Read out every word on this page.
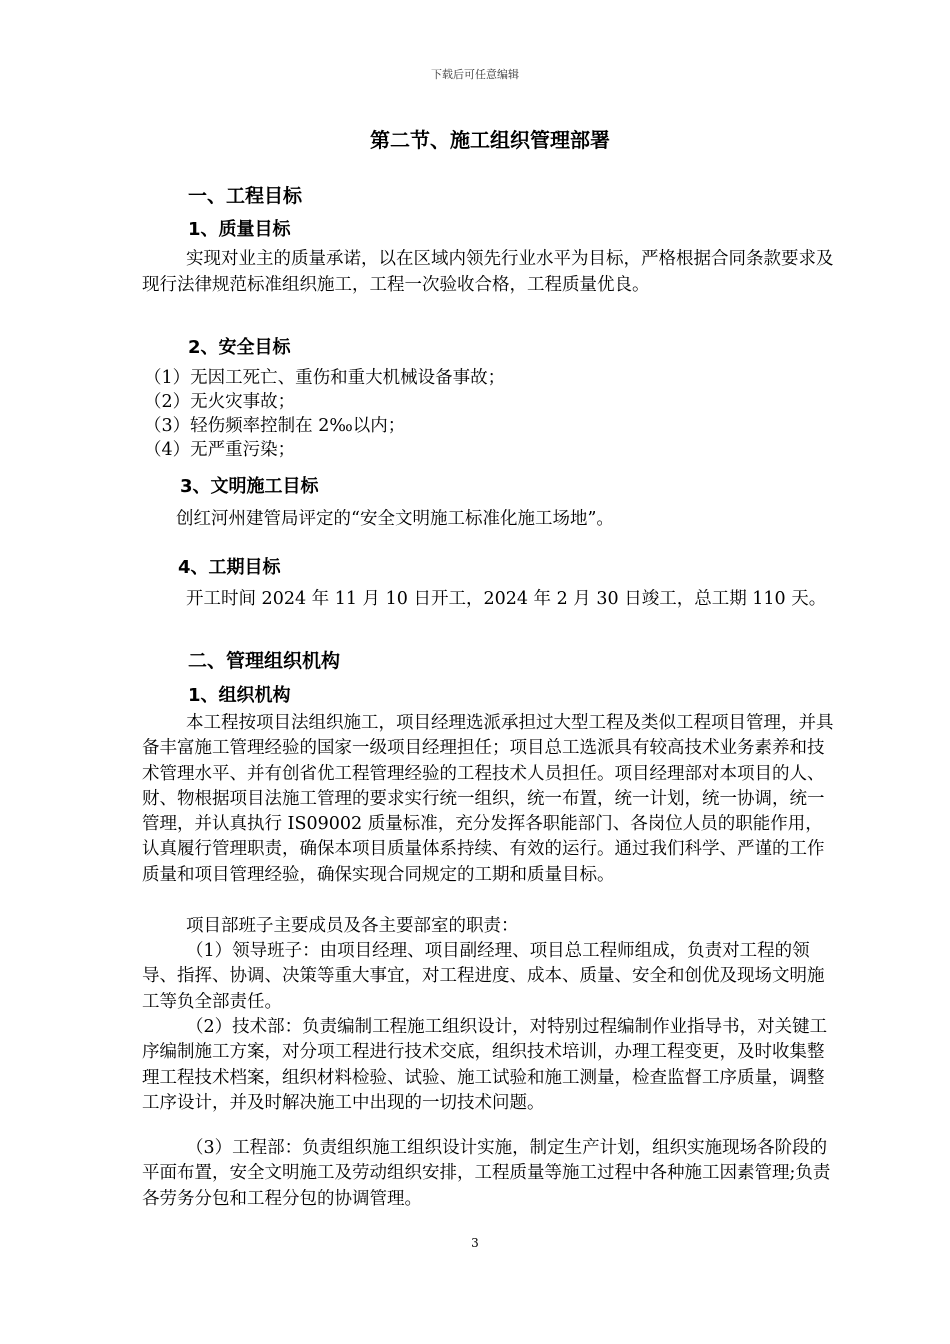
下载后可任意编辑
第二节、施工组织管理部署
一、工程目标
1、质量目标

实现对业主的质量承诺，以在区域内领先行业水平为目标，严格根据合同条款要求及现行法律规范标准组织施工，工程一次验收合格，工程质量优良。

2、安全目标
（1）无因工死亡、重伤和重大机械设备事故；
（2）无火灾事故；
（3）轻伤频率控制在 2‰以内；
（4）无严重污染；
3、文明施工目标
创红河州建管局评定的“安全文明施工标准化施工场地”。
4、工期目标

开工时间 2024 年 11 月 10 日开工，2024 年 2 月 30 日竣工，总工期 110 天。

二、管理组织机构
1、组织机构

本工程按项目法组织施工，项目经理选派承担过大型工程及类似工程项目管理，并具备丰富施工管理经验的国家一级项目经理担任；项目总工选派具有较高技术业务素养和技术管理水平、并有创省优工程管理经验的工程技术人员担任。项目经理部对本项目的人、财、物根据项目法施工管理的要求实行统一组织，统一布置，统一计划，统一协调，统一管理，并认真执行 IS09002 质量标准，充分发挥各职能部门、各岗位人员的职能作用，认真履行管理职责，确保本项目质量体系持续、有效的运行。通过我们科学、严谨的工作质量和项目管理经验，确保实现合同规定的工期和质量目标。

项目部班子主要成员及各主要部室的职责：

（1）领导班子：由项目经理、项目副经理、项目总工程师组成，负责对工程的领导、指挥、协调、决策等重大事宜，对工程进度、成本、质量、安全和创优及现场文明施工等负全部责任。

（2）技术部：负责编制工程施工组织设计，对特别过程编制作业指导书，对关键工序编制施工方案，对分项工程进行技术交底，组织技术培训，办理工程变更，及时收集整理工程技术档案，组织材料检验、试验、施工试验和施工测量，检查监督工序质量，调整工序设计，并及时解决施工中出现的一切技术问题。

（3）工程部：负责组织施工组织设计实施，制定生产计划，组织实施现场各阶段的平面布置，安全文明施工及劳动组织安排，工程质量等施工过程中各种施工因素管理;负责各劳务分包和工程分包的协调管理。

3
